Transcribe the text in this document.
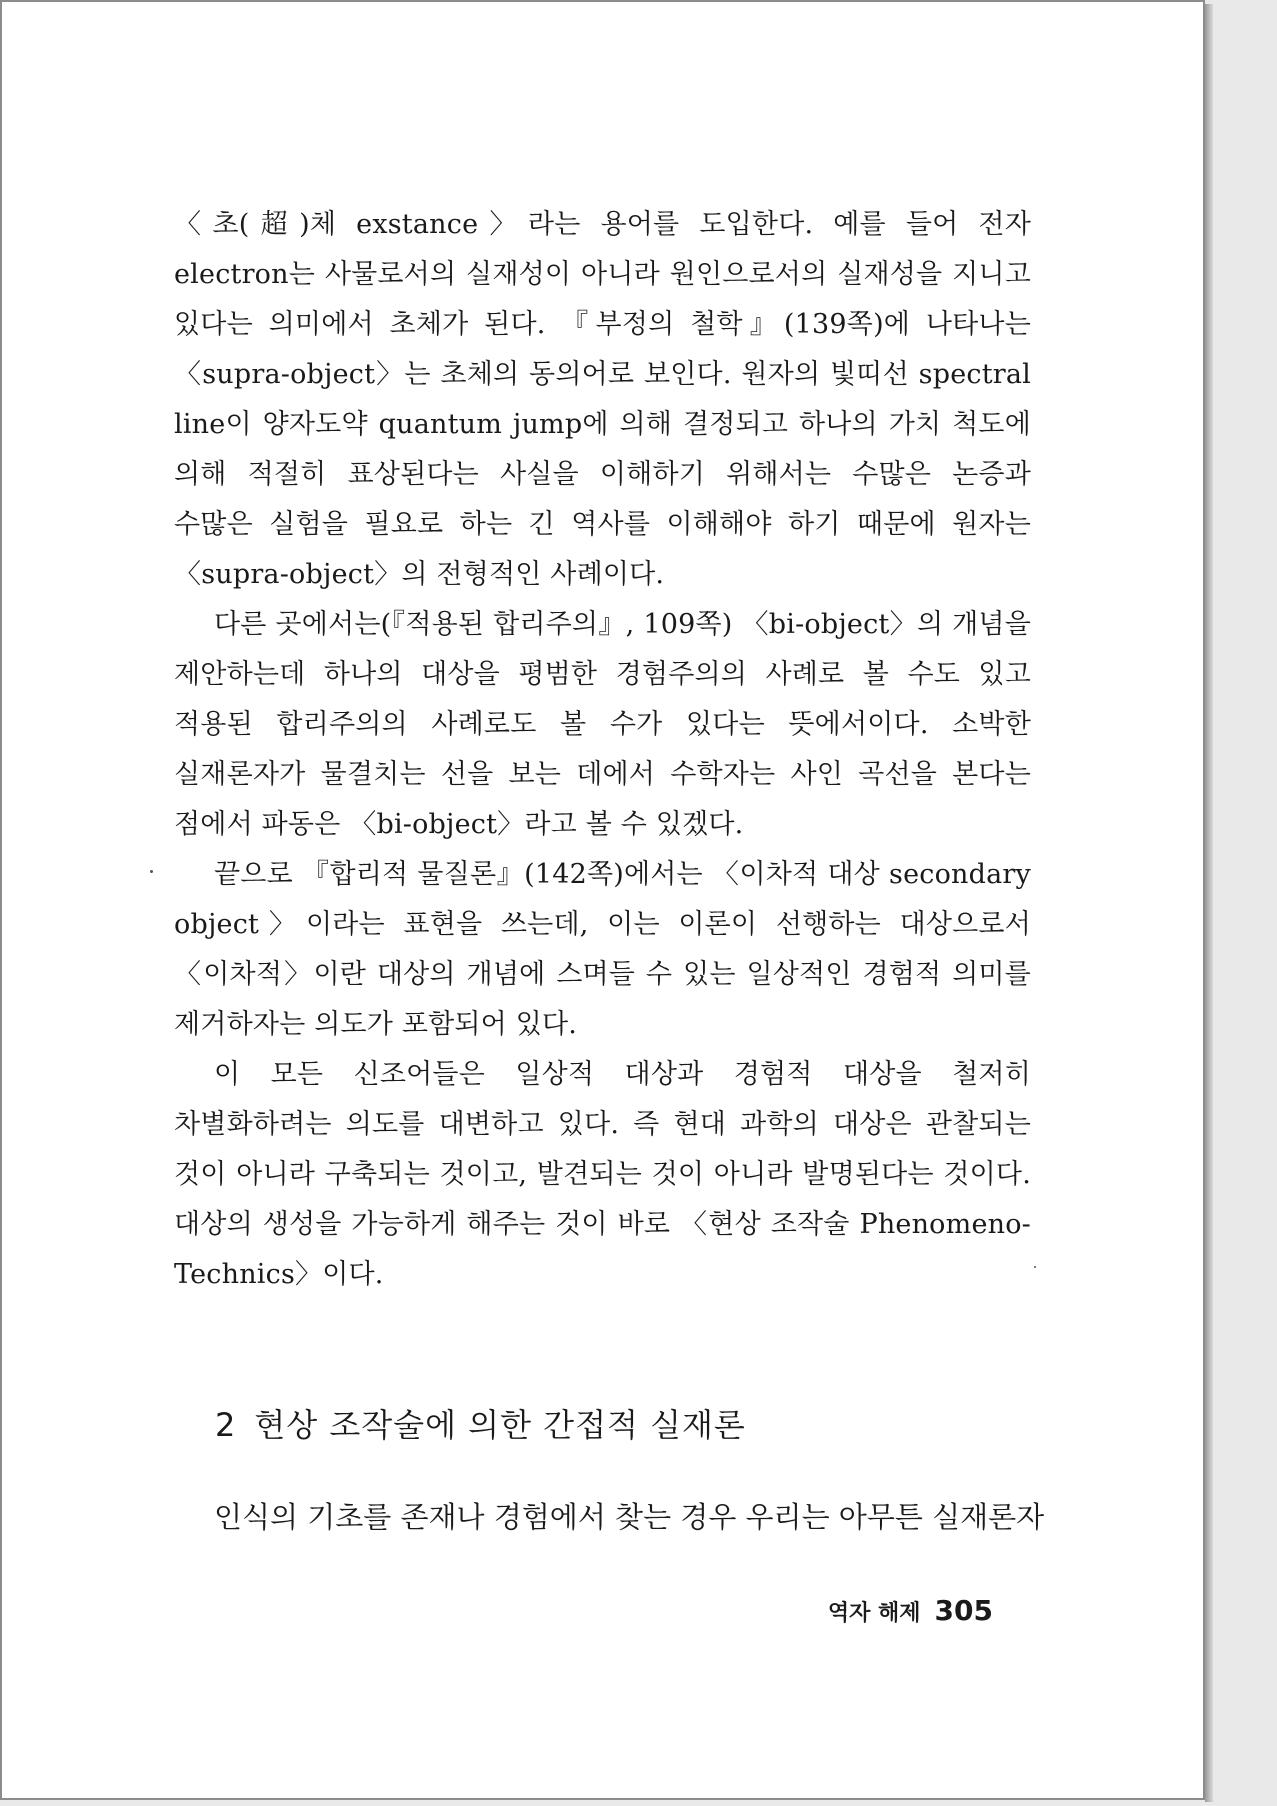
〈초(超)체 exstance〉라는 용어를 도입한다. 예를 들어 전자 electron는 사물로서의 실재성이 아니라 원인으로서의 실재성을 지니고 있다는 의미에서 초체가 된다. 『부정의 철학』(139쪽)에 나타나는 〈supra-object〉는 초체의 동의어로 보인다. 원자의 빛띠선 spectral line이 양자도약 quantum jump에 의해 결정되고 하나의 가치 척도에 의해 적절히 표상된다는 사실을 이해하기 위해서는 수많은 논증과 수많은 실험을 필요로 하는 긴 역사를 이해해야 하기 때문에 원자는 〈supra-object〉의 전형적인 사례이다.

다른 곳에서는(『적용된 합리주의』, 109쪽) 〈bi-object〉의 개념을 제안하는데 하나의 대상을 평범한 경험주의의 사례로 볼 수도 있고 적용된 합리주의의 사례로도 볼 수가 있다는 뜻에서이다. 소박한 실재론자가 물결치는 선을 보는 데에서 수학자는 사인 곡선을 본다는 점에서 파동은 〈bi-object〉라고 볼 수 있겠다.

끝으로 『합리적 물질론』(142쪽)에서는 〈이차적 대상 secondary object〉이라는 표현을 쓰는데, 이는 이론이 선행하는 대상으로서 〈이차적〉이란 대상의 개념에 스며들 수 있는 일상적인 경험적 의미를 제거하자는 의도가 포함되어 있다.

이 모든 신조어들은 일상적 대상과 경험적 대상을 철저히 차별화하려는 의도를 대변하고 있다. 즉 현대 과학의 대상은 관찰되는 것이 아니라 구축되는 것이고, 발견되는 것이 아니라 발명된다는 것이다. 대상의 생성을 가능하게 해주는 것이 바로 〈현상 조작술 Phenomeno-Technics〉이다.

2 현상 조작술에 의한 간접적 실재론

인식의 기초를 존재나 경험에서 찾는 경우 우리는 아무튼 실재론자

역자 해제 305
